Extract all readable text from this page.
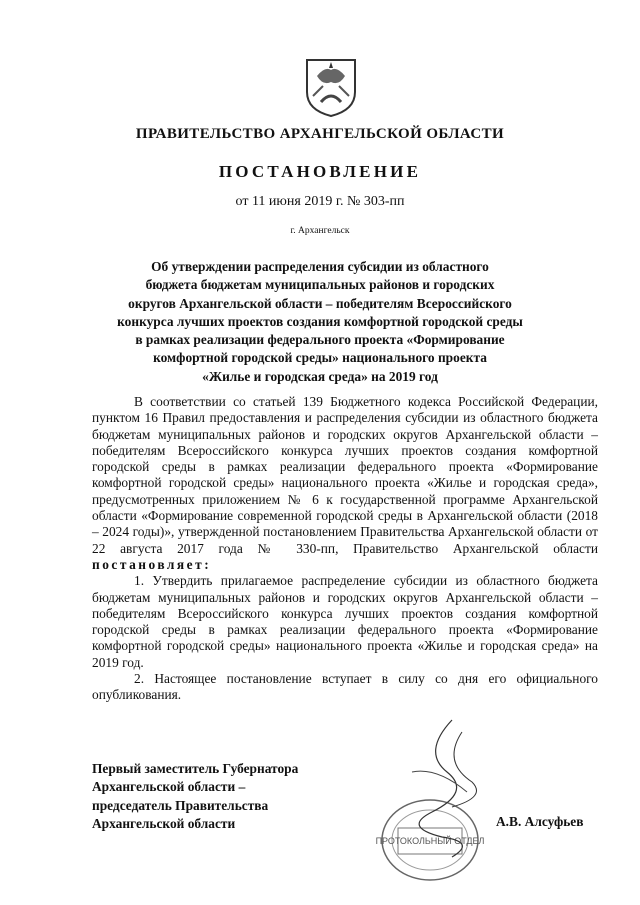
ПРАВИТЕЛЬСТВО АРХАНГЕЛЬСКОЙ ОБЛАСТИ
ПОСТАНОВЛЕНИЕ
от 11 июня 2019 г. № 303-пп
г. Архангельск
Об утверждении распределения субсидии из областного
бюджета бюджетам муниципальных районов и городских
округов Архангельской области – победителям Всероссийского
конкурса лучших проектов создания комфортной городской среды
в рамках реализации федерального проекта «Формирование
комфортной городской среды» национального проекта
«Жилье и городская среда» на 2019 год

В соответствии со статьей 139 Бюджетного кодекса Российской Федерации, пунктом 16 Правил предоставления и распределения субсидии из областного бюджета бюджетам муниципальных районов и городских округов Архангельской области – победителям Всероссийского конкурса лучших проектов создания комфортной городской среды в рамках реализации федерального проекта «Формирование комфортной городской среды» национального проекта «Жилье и городская среда», предусмотренных приложением № 6 к государственной программе Архангельской области «Формирование современной городской среды в Архангельской области (2018 – 2024 годы)», утвержденной постановлением Правительства Архангельской области от 22 августа 2017 года № 330-пп, Правительство Архангельской области постановляет:

1. Утвердить прилагаемое распределение субсидии из областного бюджета бюджетам муниципальных районов и городских округов Архангельской области – победителям Всероссийского конкурса лучших проектов создания комфортной городской среды в рамках реализации федерального проекта «Формирование комфортной городской среды» национального проекта «Жилье и городская среда» на 2019 год.

2. Настоящее постановление вступает в силу со дня его официального опубликования.

Первый заместитель Губернатора
Архангельской области –
председатель Правительства
Архангельской области
ПРОТОКОЛЬНЫЙ ОТДЕЛ
А.В. Алсуфьев
